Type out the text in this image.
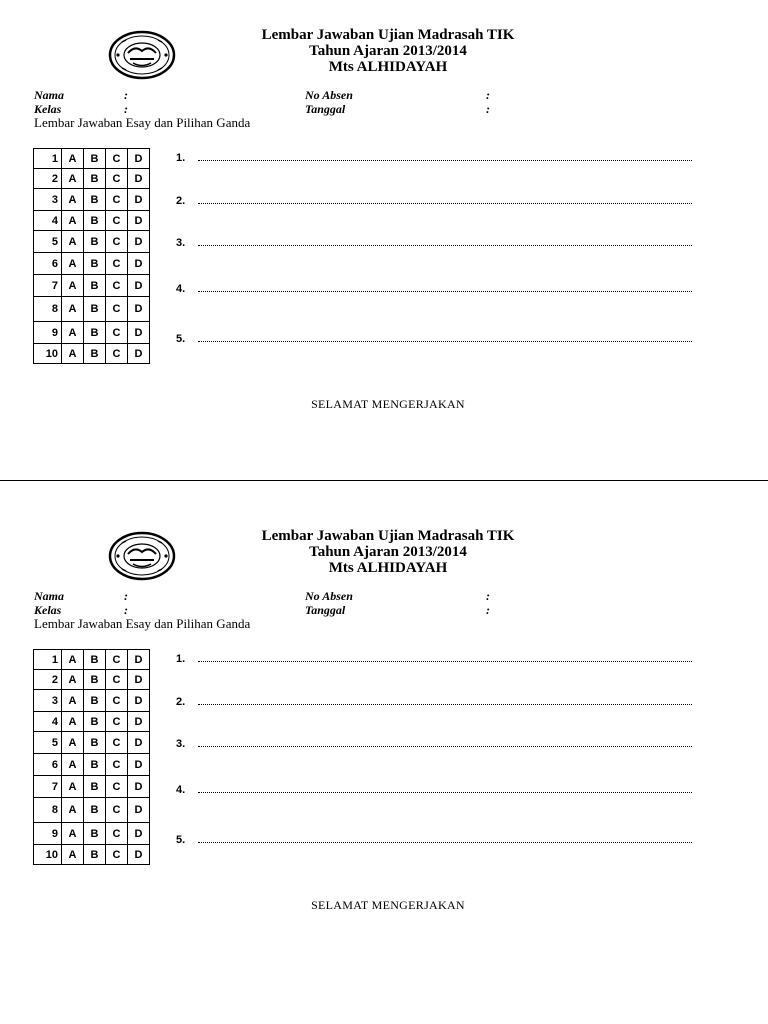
Lembar Jawaban Ujian Madrasah TIK
Tahun Ajaran 2013/2014
Mts ALHIDAYAH
Nama	:
Kelas	:
No Absen	:
Tanggal	:
Lembar Jawaban Esay dan Pilihan Ganda
1	A	B	C	D
2	A	B	C	D
3	A	B	C	D
4	A	B	C	D
5	A	B	C	D
6	A	B	C	D
7	A	B	C	D
8	A	B	C	D
9	A	B	C	D
10	A	B	C	D
1.
2.
3.
4.
5.
SELAMAT MENGERJAKAN
Lembar Jawaban Ujian Madrasah TIK
Tahun Ajaran 2013/2014
Mts ALHIDAYAH
Nama	:
Kelas	:
No Absen	:
Tanggal	:
Lembar Jawaban Esay dan Pilihan Ganda
1	A	B	C	D
2	A	B	C	D
3	A	B	C	D
4	A	B	C	D
5	A	B	C	D
6	A	B	C	D
7	A	B	C	D
8	A	B	C	D
9	A	B	C	D
10	A	B	C	D
1.
2.
3.
4.
5.
SELAMAT MENGERJAKAN
